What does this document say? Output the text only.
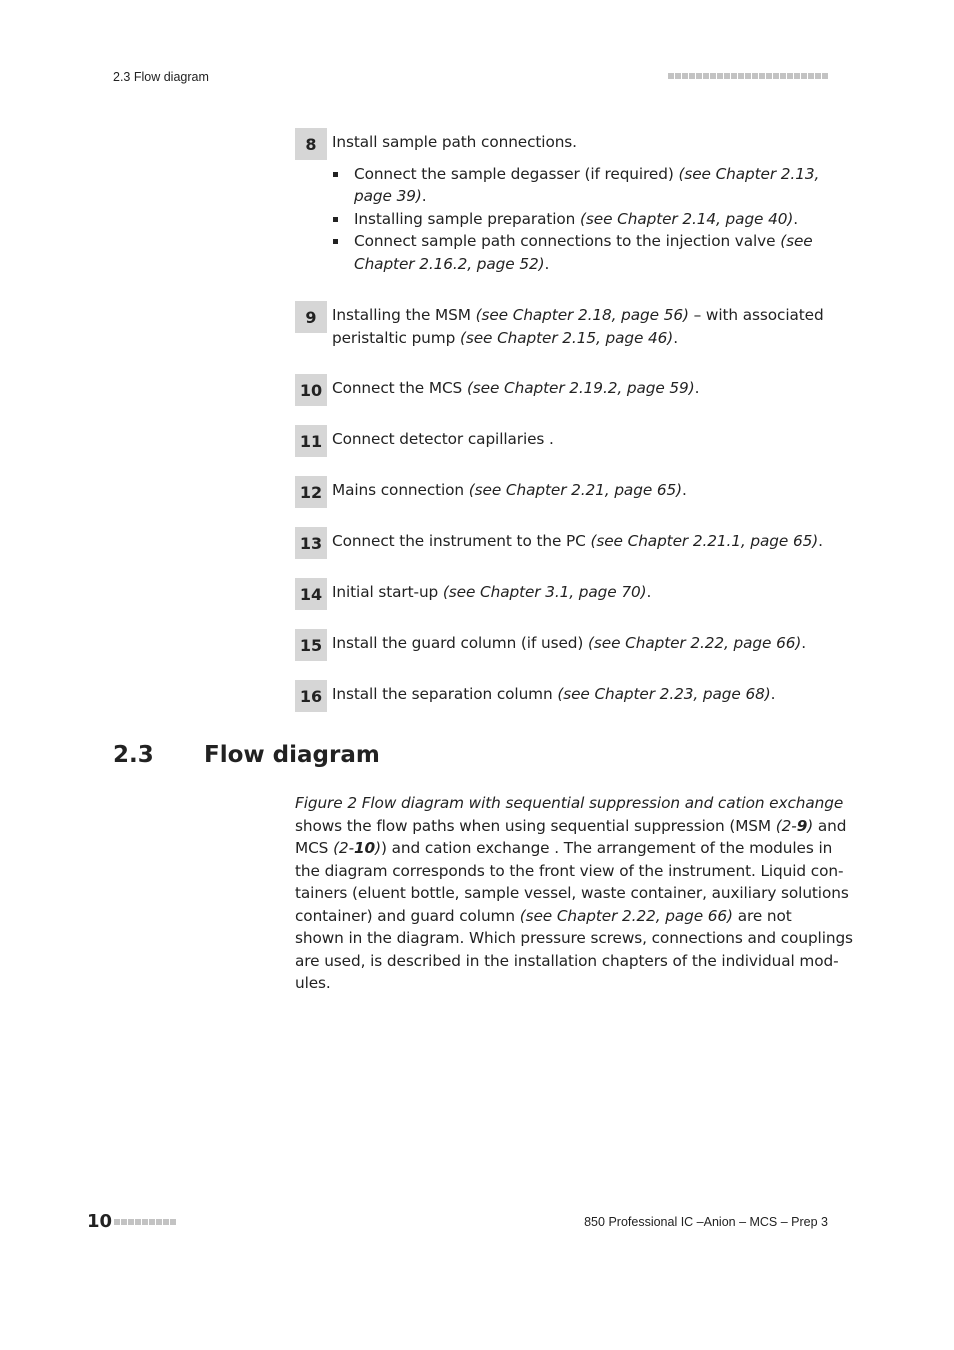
2.3 Flow diagram
8	Install sample path connections.
Connect the sample degasser (if required) (see Chapter 2.13, page 39).
Installing sample preparation (see Chapter 2.14, page 40).
Connect sample path connections to the injection valve (see Chapter 2.16.2, page 52).
9	Installing the MSM (see Chapter 2.18, page 56) – with associated peristaltic pump (see Chapter 2.15, page 46).
10 Connect the MCS (see Chapter 2.19.2, page 59).
11 Connect detector capillaries .
12 Mains connection (see Chapter 2.21, page 65).
13 Connect the instrument to the PC (see Chapter 2.21.1, page 65).
14 Initial start-up (see Chapter 3.1, page 70).
15 Install the guard column (if used) (see Chapter 2.22, page 66).
16 Install the separation column (see Chapter 2.23, page 68).
2.3 Flow diagram
Figure 2 Flow diagram with sequential suppression and cation exchange
shows the flow paths when using sequential suppression (MSM (2-9) and
MCS (2-10)) and cation exchange . The arrangement of the modules in
the diagram corresponds to the front view of the instrument. Liquid con-
tainers (eluent bottle, sample vessel, waste container, auxiliary solutions
container) and guard column (see Chapter 2.22, page 66) are not
shown in the diagram. Which pressure screws, connections and couplings
are used, is described in the installation chapters of the individual mod-
ules.
10	850 Professional IC –Anion – MCS – Prep 3
